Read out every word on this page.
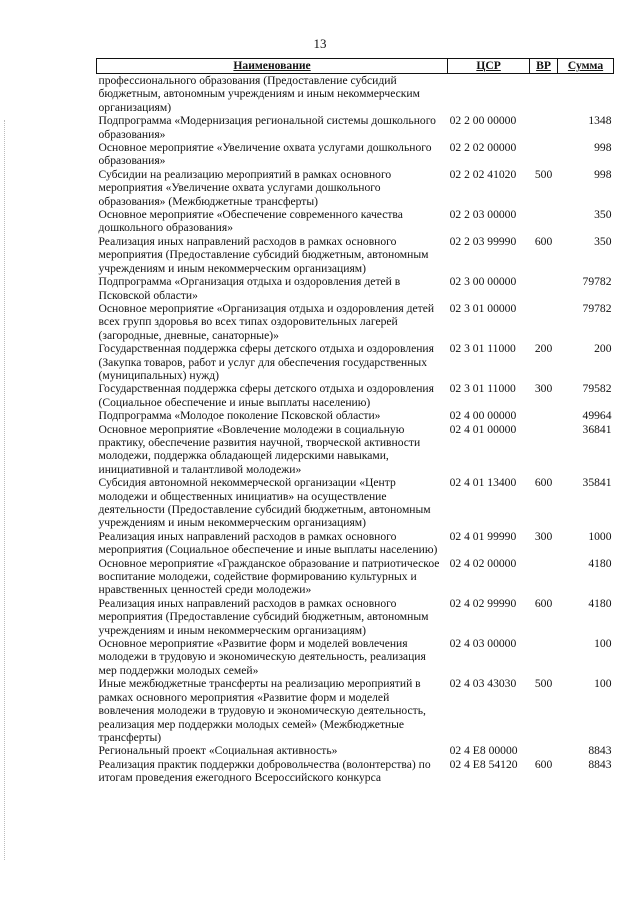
13
Наименование	ЦСР	ВР	Сумма
профессионального образования (Предоставление субсидий бюджетным, автономным учреждениям и иным некоммерческим организациям)			
Подпрограмма «Модернизация региональной системы дошкольного образования»	02 2 00 00000		1348
Основное мероприятие «Увеличение охвата услугами дошкольного образования»	02 2 02 00000		998
Субсидии на реализацию мероприятий в рамках основного мероприятия «Увеличение охвата услугами дошкольного образования» (Межбюджетные трансферты)	02 2 02 41020	500	998
Основное мероприятие «Обеспечение современного качества дошкольного образования»	02 2 03 00000		350
Реализация иных направлений расходов в рамках основного мероприятия (Предоставление субсидий бюджетным, автономным учреждениям и иным некоммерческим организациям)	02 2 03 99990	600	350
Подпрограмма «Организация отдыха и оздоровления детей в Псковской области»	02 3 00 00000		79782
Основное мероприятие «Организация отдыха и оздоровления детей всех групп здоровья во всех типах оздоровительных лагерей (загородные, дневные, санаторные)»	02 3 01 00000		79782
Государственная поддержка сферы детского отдыха и оздоровления (Закупка товаров, работ и услуг для обеспечения государственных (муниципальных) нужд)	02 3 01 11000	200	200
Государственная поддержка сферы детского отдыха и оздоровления (Социальное обеспечение и иные выплаты населению)	02 3 01 11000	300	79582
Подпрограмма «Молодое поколение Псковской области»	02 4 00 00000		49964
Основное мероприятие «Вовлечение молодежи в социальную практику, обеспечение развития научной, творческой активности молодежи, поддержка обладающей лидерскими навыками, инициативной и талантливой молодежи»	02 4 01 00000		36841
Субсидия автономной некоммерческой организации «Центр молодежи и общественных инициатив» на осуществление деятельности (Предоставление субсидий бюджетным, автономным учреждениям и иным некоммерческим организациям)	02 4 01 13400	600	35841
Реализация иных направлений расходов в рамках основного мероприятия (Социальное обеспечение и иные выплаты населению)	02 4 01 99990	300	1000
Основное мероприятие «Гражданское образование и патриотическое воспитание молодежи, содействие формированию культурных и нравственных ценностей среди молодежи»	02 4 02 00000		4180
Реализация иных направлений расходов в рамках основного мероприятия (Предоставление субсидий бюджетным, автономным учреждениям и иным некоммерческим организациям)	02 4 02 99990	600	4180
Основное мероприятие «Развитие форм и моделей вовлечения молодежи в трудовую и экономическую деятельность, реализация мер поддержки молодых семей»	02 4 03 00000		100
Иные межбюджетные трансферты на реализацию мероприятий в рамках основного мероприятия «Развитие форм и моделей вовлечения молодежи в трудовую и экономическую деятельность, реализация мер поддержки молодых семей» (Межбюджетные трансферты)	02 4 03 43030	500	100
Региональный проект «Социальная активность»	02 4 E8 00000		8843
Реализация практик поддержки добровольчества (волонтерства) по итогам проведения ежегодного Всероссийского конкурса	02 4 E8 54120	600	8843
